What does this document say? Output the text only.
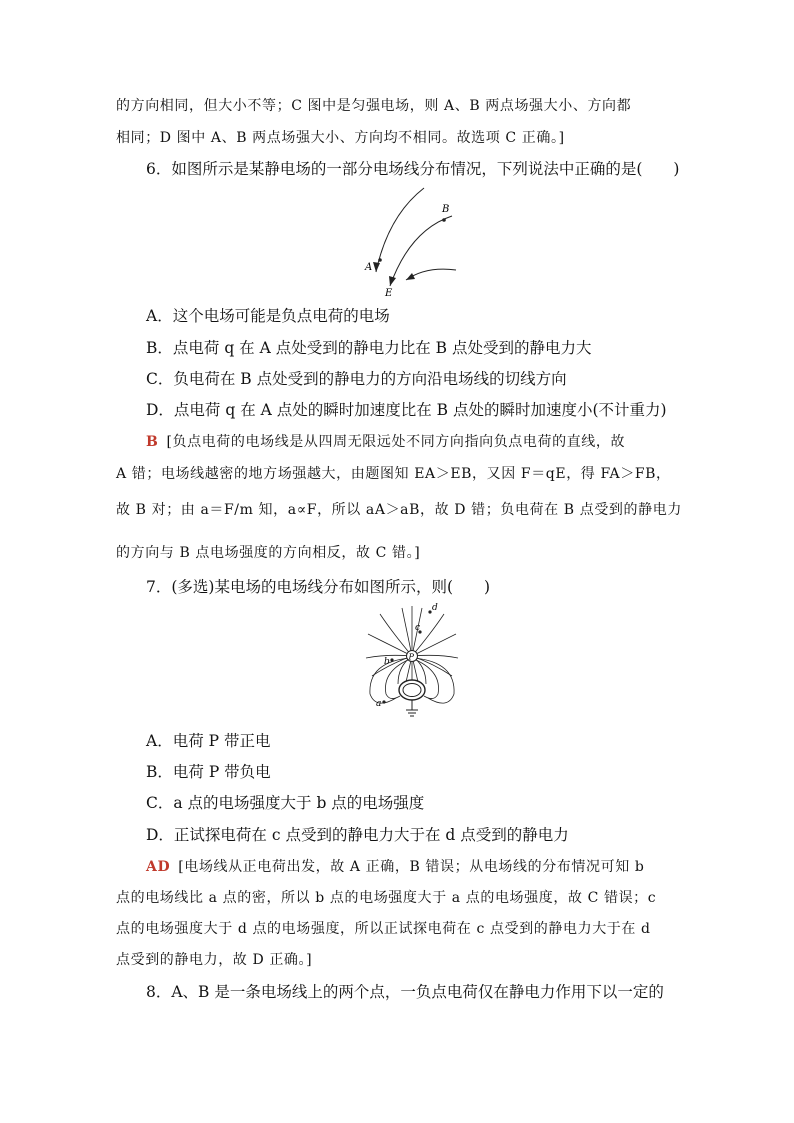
的方向相同，但大小不等；C 图中是匀强电场，则 A、B 两点场强大小、方向都
相同；D 图中 A、B 两点场强大小、方向均不相同。故选项 C 正确。]
6．如图所示是某静电场的一部分电场线分布情况，下列说法中正确的是(　　)
A
B
E
A．这个电场可能是负点电荷的电场
B．点电荷 q 在 A 点处受到的静电力比在 B 点处受到的静电力大
C．负电荷在 B 点处受到的静电力的方向沿电场线的切线方向
D．点电荷 q 在 A 点处的瞬时加速度比在 B 点处的瞬时加速度小(不计重力)
B [负点电荷的电场线是从四周无限远处不同方向指向负点电荷的直线，故
A 错；电场线越密的地方场强越大，由题图知 EA＞EB，又因 F＝qE，得 FA＞FB，
故 B 对；由 a＝F/m 知，a∝F，所以 aA＞aB，故 D 错；负电荷在 B 点受到的静电力
的方向与 B 点电场强度的方向相反，故 C 错。]
7．(多选)某电场的电场线分布如图所示，则(　　)
P
d
c
b
a
A．电荷 P 带正电
B．电荷 P 带负电
C．a 点的电场强度大于 b 点的电场强度
D．正试探电荷在 c 点受到的静电力大于在 d 点受到的静电力
AD [电场线从正电荷出发，故 A 正确，B 错误；从电场线的分布情况可知 b
点的电场线比 a 点的密，所以 b 点的电场强度大于 a 点的电场强度，故 C 错误；c
点的电场强度大于 d 点的电场强度，所以正试探电荷在 c 点受到的静电力大于在 d
点受到的静电力，故 D 正确。]
8．A、B 是一条电场线上的两个点，一负点电荷仅在静电力作用下以一定的
